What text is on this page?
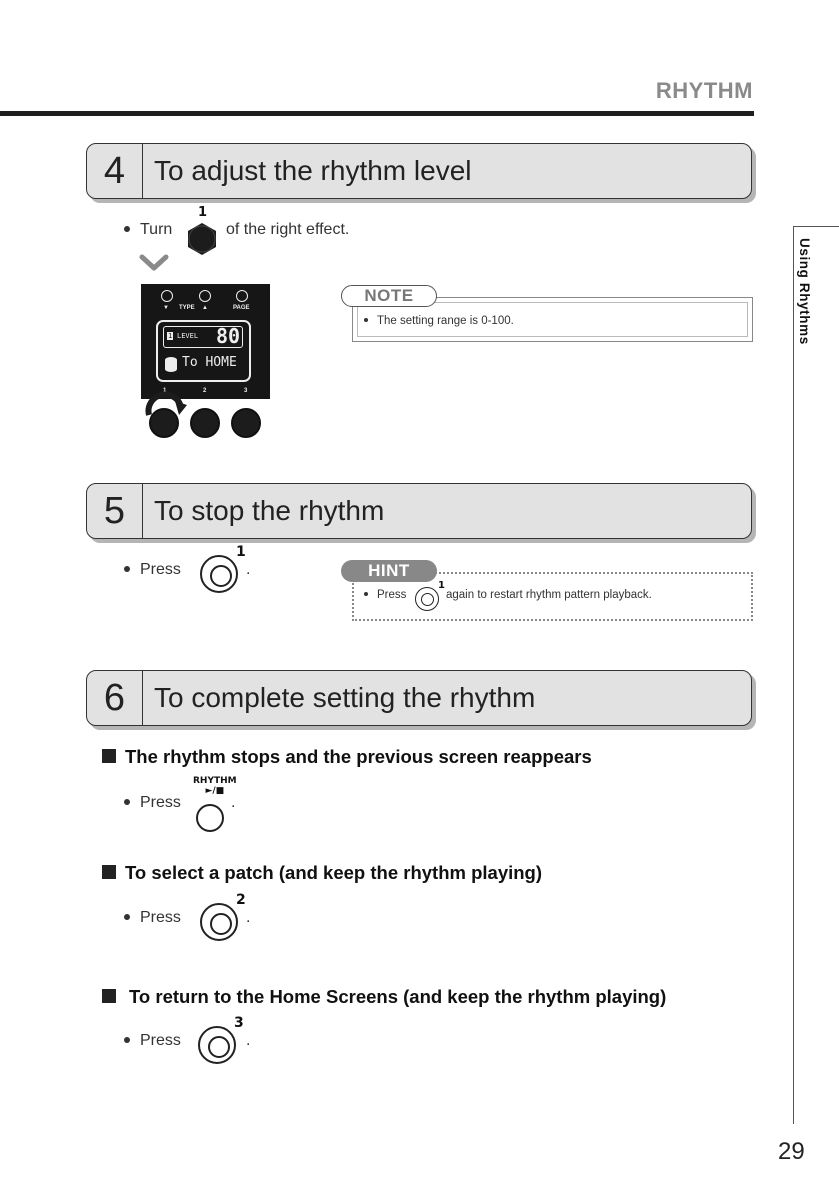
RHYTHM
Using Rhythms
4	To adjust the rhythm level
Turn
1
of the right effect.
▼ TYPE ▲	PAGE
1 LEVEL 80
To HOME
1	2	3
NOTE
The setting range is 0-100.
5	To stop the rhythm
Press
1
.	HINT
Press
1
again to restart rhythm pattern playback.
6	To complete setting the rhythm
The rhythm stops and the previous screen reappears
Press
RHYTHM
►/■
.
To select a patch (and keep the rhythm playing)
Press
2
.
To return to the Home Screens (and keep the rhythm playing)
Press
3
.
29
